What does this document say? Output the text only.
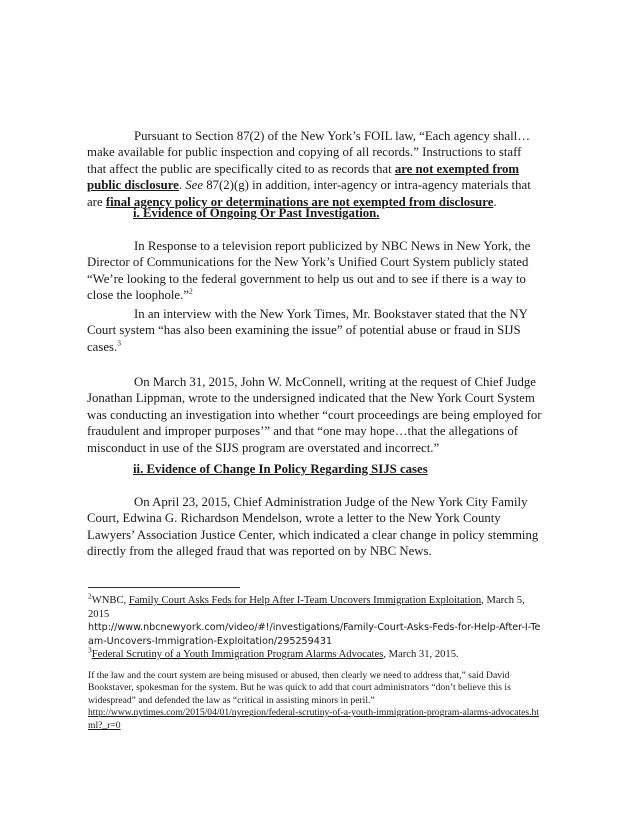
Pursuant to Section 87(2) of the New York’s FOIL law, “Each agency shall…make available for public inspection and copying of all records.” Instructions to staff that affect the public are specifically cited to as records that are not exempted from public disclosure. See 87(2)(g) in addition, inter-agency or intra-agency materials that are final agency policy or determinations are not exempted from disclosure.

i. Evidence of Ongoing Or Past Investigation.

In Response to a television report publicized by NBC News in New York, the Director of Communications for the New York’s Unified Court System publicly stated “We’re looking to the federal government to help us out and to see if there is a way to close the loophole.”$^2$

In an interview with the New York Times, Mr. Bookstaver stated that the NY Court system “has also been examining the issue” of potential abuse or fraud in SIJS cases.$^3$

On March 31, 2015, John W. McConnell, writing at the request of Chief Judge Jonathan Lippman, wrote to the undersigned indicated that the New York Court System was conducting an investigation into whether “court proceedings are being employed for fraudulent and improper purposes’” and that “one may hope…that the allegations of misconduct in use of the SIJS program are overstated and incorrect.”

ii. Evidence of Change In Policy Regarding SIJS cases

On April 23, 2015, Chief Administration Judge of the New York City Family Court, Edwina G. Richardson Mendelson, wrote a letter to the New York County Lawyers’ Association Justice Center, which indicated a clear change in policy stemming directly from the alleged fraud that was reported on by NBC News.

$^2$WNBC, Family Court Asks Feds for Help After I-Team Uncovers Immigration Exploitation, March 5, 2015
http://www.nbcnewyork.com/video/#!/investigations/Family-Court-Asks-Feds-for-Help-After-I-Team-Uncovers-Immigration-Exploitation/295259431
$^3$Federal Scrutiny of a Youth Immigration Program Alarms Advocates, March 31, 2015.
If the law and the court system are being misused or abused, then clearly we need to address that,” said David Bookstaver, spokesman for the system. But he was quick to add that court administrators “don’t believe this is widespread” and defended the law as “critical in assisting minors in peril.”
http://www.nytimes.com/2015/04/01/nyregion/federal-scrutiny-of-a-youth-immigration-program-alarms-advocates.html?_r=0
